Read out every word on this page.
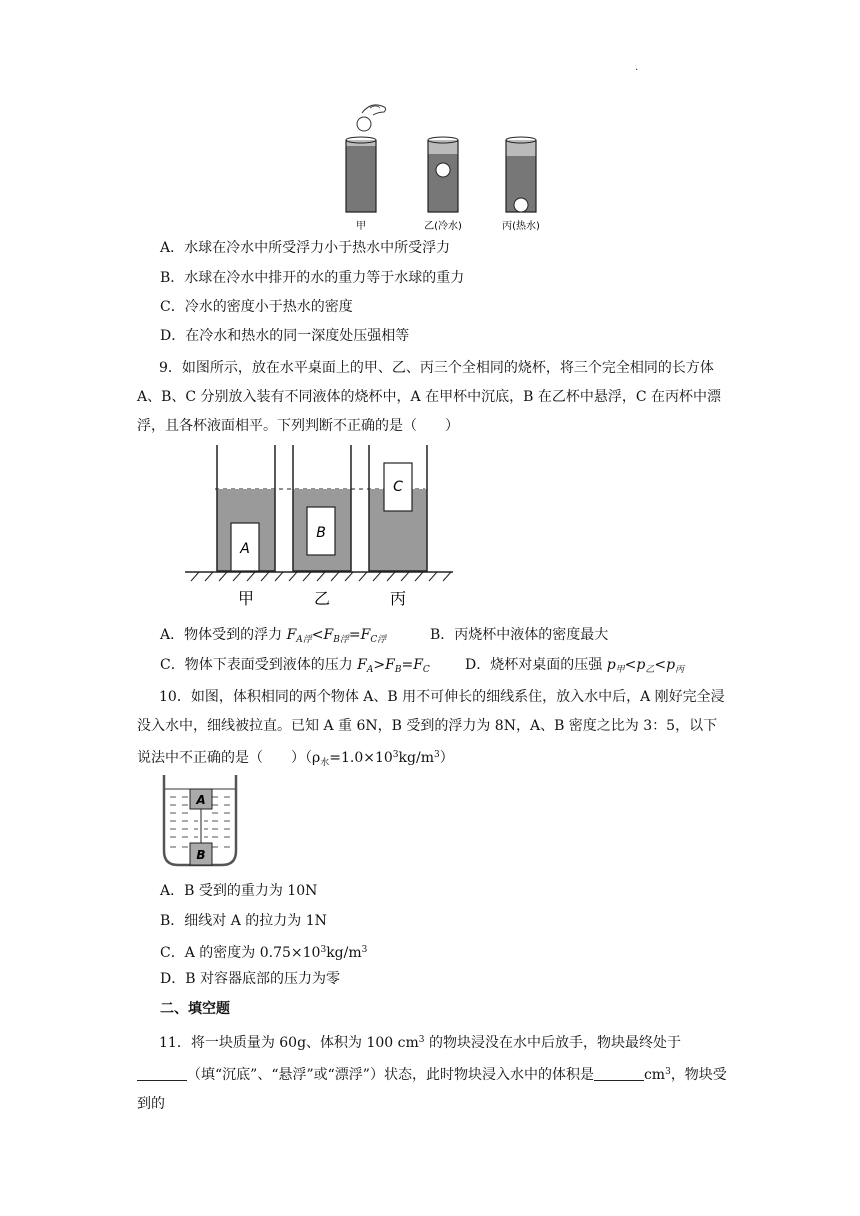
.
甲	乙(冷水)	丙(热水)
A．水球在冷水中所受浮力小于热水中所受浮力
B．水球在冷水中排开的水的重力等于水球的重力
C．冷水的密度小于热水的密度
D．在冷水和热水的同一深度处压强相等
9．如图所示，放在水平桌面上的甲、乙、丙三个全相同的烧杯，将三个完全相同的长方体 A、B、C 分别放入装有不同液体的烧杯中，A 在甲杯中沉底，B 在乙杯中悬浮，C 在丙杯中漂浮，且各杯液面相平。下列判断不正确的是（　　）
A
B
C
甲	乙	丙
A．物体受到的浮力 $F_{A浮}<F_{B浮}=F_{C浮}$	B．丙烧杯中液体的密度最大
C．物体下表面受到液体的压力 $F_A>F_B=F_C$	D．烧杯对桌面的压强 $p_甲<p_乙<p_丙$
10．如图，体积相同的两个物体 A、B 用不可伸长的细线系住，放入水中后，A 刚好完全浸没入水中，细线被拉直。已知 A 重 6N，B 受到的浮力为 8N，A、B 密度之比为 3：5，以下说法中不正确的是（　　）$(\rho_水=1.0\times 10^3kg/m^3)$
A
B
A．B 受到的重力为 10N
B．细线对 A 的拉力为 1N
C．A 的密度为 $0.75\times 10^3kg/m^3$
D．B 对容器底部的压力为零
二、填空题
11．将一块质量为 60g、体积为 100 $cm^3$ 的物块浸没在水中后放手，物块最终处于（填“沉底”、“悬浮”或“漂浮”）状态，此时物块浸入水中的体积是	$cm^3$，物块受到的
